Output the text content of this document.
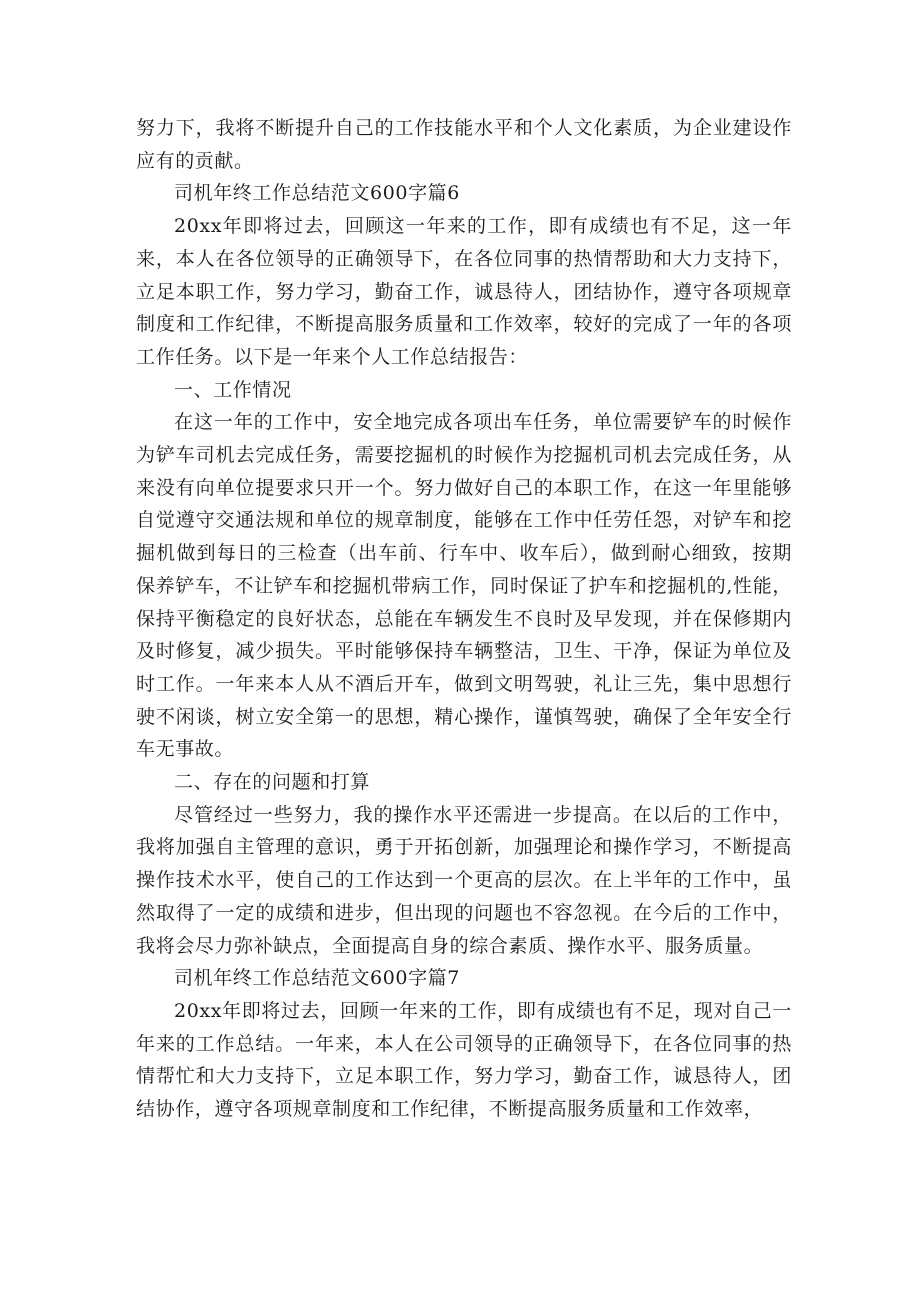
努力下，我将不断提升自己的工作技能水平和个人文化素质，为企业建设作应有的贡献。

司机年终工作总结范文600字篇6

20xx年即将过去，回顾这一年来的工作，即有成绩也有不足，这一年来，本人在各位领导的正确领导下，在各位同事的热情帮助和大力支持下，立足本职工作，努力学习，勤奋工作，诚恳待人，团结协作，遵守各项规章制度和工作纪律，不断提高服务质量和工作效率，较好的完成了一年的各项工作任务。以下是一年来个人工作总结报告：

一、工作情况

在这一年的工作中，安全地完成各项出车任务，单位需要铲车的时候作为铲车司机去完成任务，需要挖掘机的时候作为挖掘机司机去完成任务，从来没有向单位提要求只开一个。努力做好自己的本职工作，在这一年里能够自觉遵守交通法规和单位的规章制度，能够在工作中任劳任怨，对铲车和挖掘机做到每日的三检查（出车前、行车中、收车后），做到耐心细致，按期保养铲车，不让铲车和挖掘机带病工作，同时保证了护车和挖掘机的,性能，保持平衡稳定的良好状态，总能在车辆发生不良时及早发现，并在保修期内及时修复，减少损失。平时能够保持车辆整洁，卫生、干净，保证为单位及时工作。一年来本人从不酒后开车，做到文明驾驶，礼让三先，集中思想行驶不闲谈，树立安全第一的思想，精心操作，谨慎驾驶，确保了全年安全行车无事故。

二、存在的问题和打算

尽管经过一些努力，我的操作水平还需进一步提高。在以后的工作中，我将加强自主管理的意识，勇于开拓创新，加强理论和操作学习，不断提高操作技术水平，使自己的工作达到一个更高的层次。在上半年的工作中，虽然取得了一定的成绩和进步，但出现的问题也不容忽视。在今后的工作中，我将会尽力弥补缺点，全面提高自身的综合素质、操作水平、服务质量。

司机年终工作总结范文600字篇7

20xx年即将过去，回顾一年来的工作，即有成绩也有不足，现对自己一年来的工作总结。一年来，本人在公司领导的正确领导下，在各位同事的热情帮忙和大力支持下，立足本职工作，努力学习，勤奋工作，诚恳待人，团结协作，遵守各项规章制度和工作纪律，不断提高服务质量和工作效率，
